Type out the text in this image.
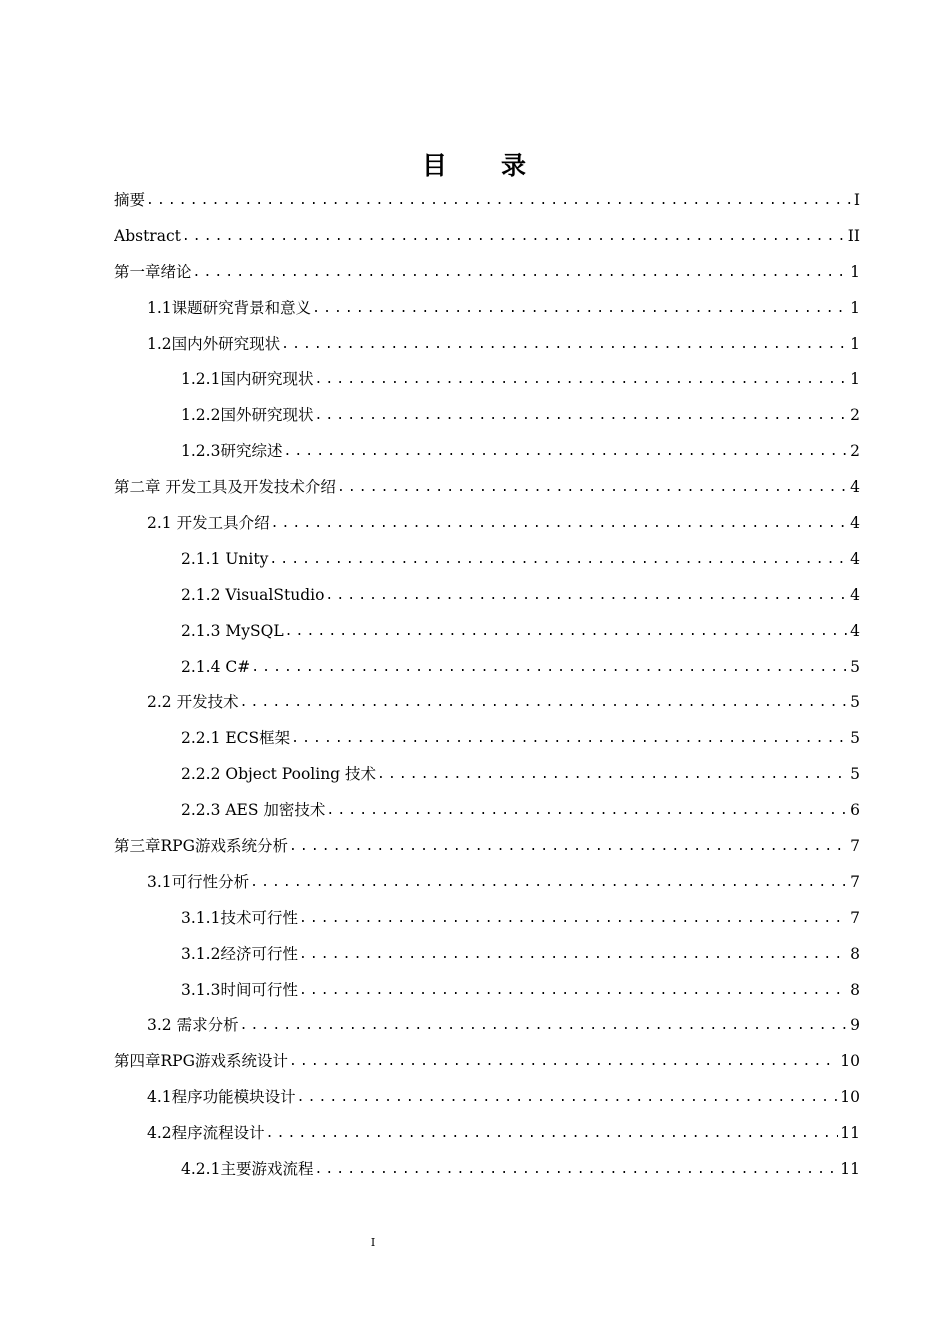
目 录
摘要 .....	I
Abstract .....	II
第一章绪论 .....	1
1.1课题研究背景和意义 .....	1
1.2国内外研究现状 .....	1
1.2.1国内研究现状 .....	1
1.2.2国外研究现状 .....	2
1.2.3研究综述 .....	2
第二章 开发工具及开发技术介绍 .....	4
2.1 开发工具介绍 .....	4
2.1.1 Unity .....	4
2.1.2 VisualStudio .....	4
2.1.3 MySQL .....	4
2.1.4 C# .....	5
2.2 开发技术 .....	5
2.2.1 ECS框架 .....	5
2.2.2 Object Pooling 技术 .....	5
2.2.3 AES 加密技术 .....	6
第三章RPG游戏系统分析 .....	7
3.1可行性分析 .....	7
3.1.1技术可行性 .....	7
3.1.2经济可行性 .....	8
3.1.3时间可行性 .....	8
3.2 需求分析 .....	9
第四章RPG游戏系统设计 .....	10
4.1程序功能模块设计 .....	10
4.2程序流程设计 .....	11
4.2.1主要游戏流程 .....	11
I
